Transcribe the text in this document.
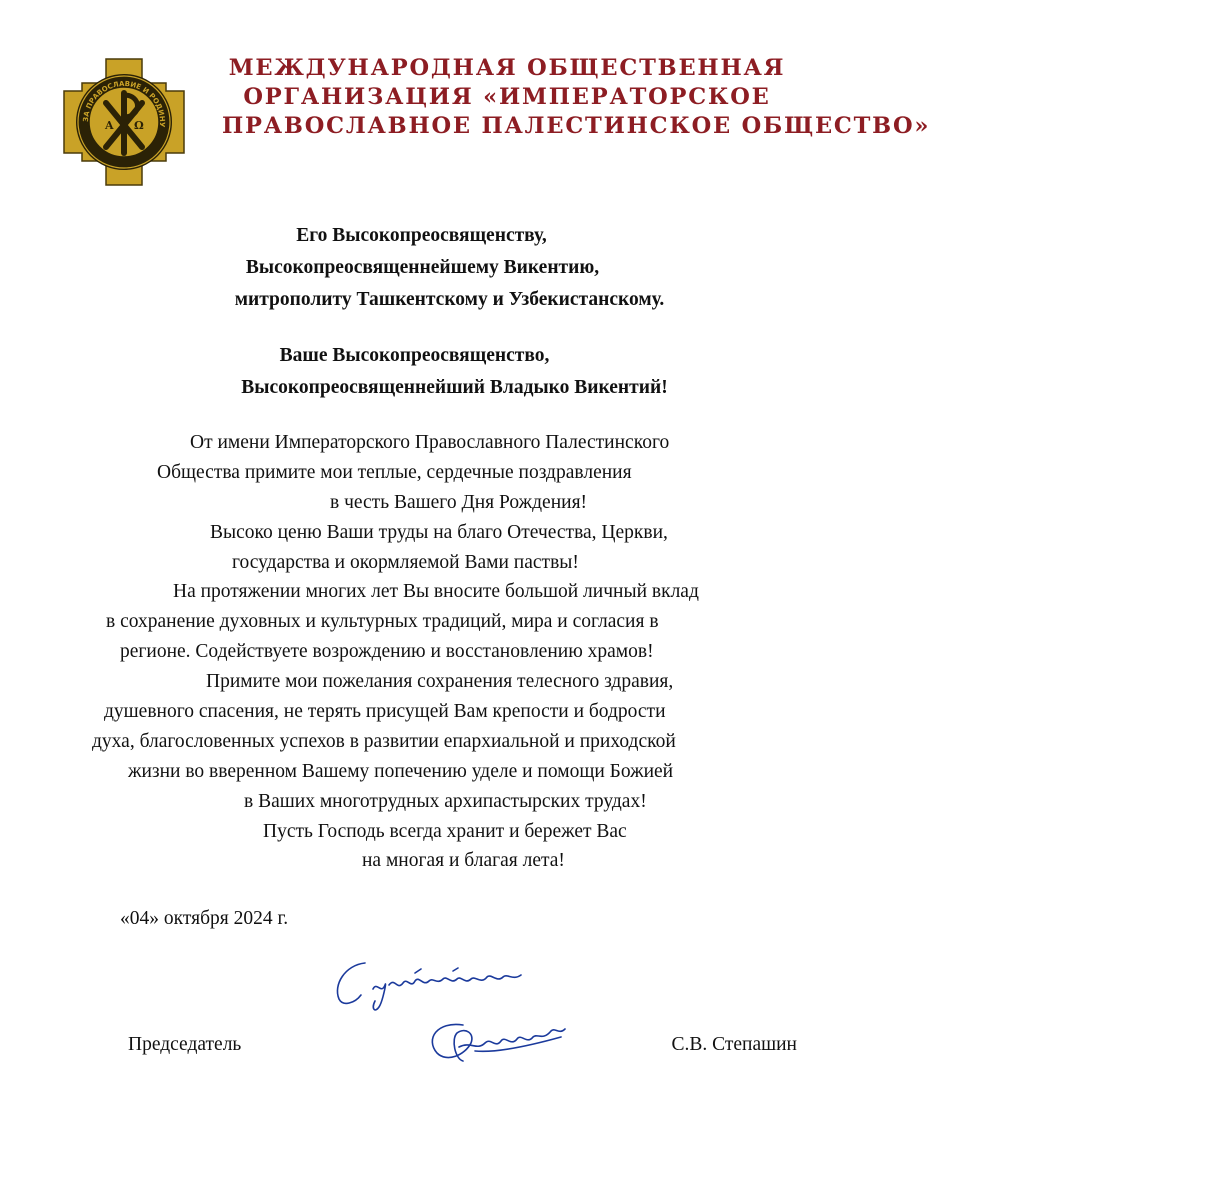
ЗА ПРАВОСЛАВИЕ И РОДИНУ
Α Ω
МЕЖДУНАРОДНАЯ ОБЩЕСТВЕННАЯ
ОРГАНИЗАЦИЯ «ИМПЕРАТОРСКОЕ
ПРАВОСЛАВНОЕ ПАЛЕСТИНСКОЕ ОБЩЕСТВО»
Его Высокопреосвященству,
Высокопреосвященнейшему Викентию,
митрополиту Ташкентскому и Узбекистанскому.
Ваше Высокопреосвященство,
Высокопреосвященнейший Владыко Викентий!
От имени Императорского Православного Палестинского
Общества примите мои теплые, сердечные поздравления
в честь Вашего Дня Рождения!
Высоко ценю Ваши труды на благо Отечества, Церкви,
государства и окормляемой Вами паствы!
На протяжении многих лет Вы вносите большой личный вклад
в сохранение духовных и культурных традиций, мира и согласия в
регионе. Содействуете возрождению и восстановлению храмов!
Примите мои пожелания сохранения телесного здравия,
душевного спасения, не терять присущей Вам крепости и бодрости
духа, благословенных успехов в развитии епархиальной и приходской
жизни во вверенном Вашему попечению уделе и помощи Божией
в Ваших многотрудных архипастырских трудах!
Пусть Господь всегда хранит и бережет Вас
на многая и благая лета!
«04» октября 2024 г.
Председатель	С.В. Степашин
